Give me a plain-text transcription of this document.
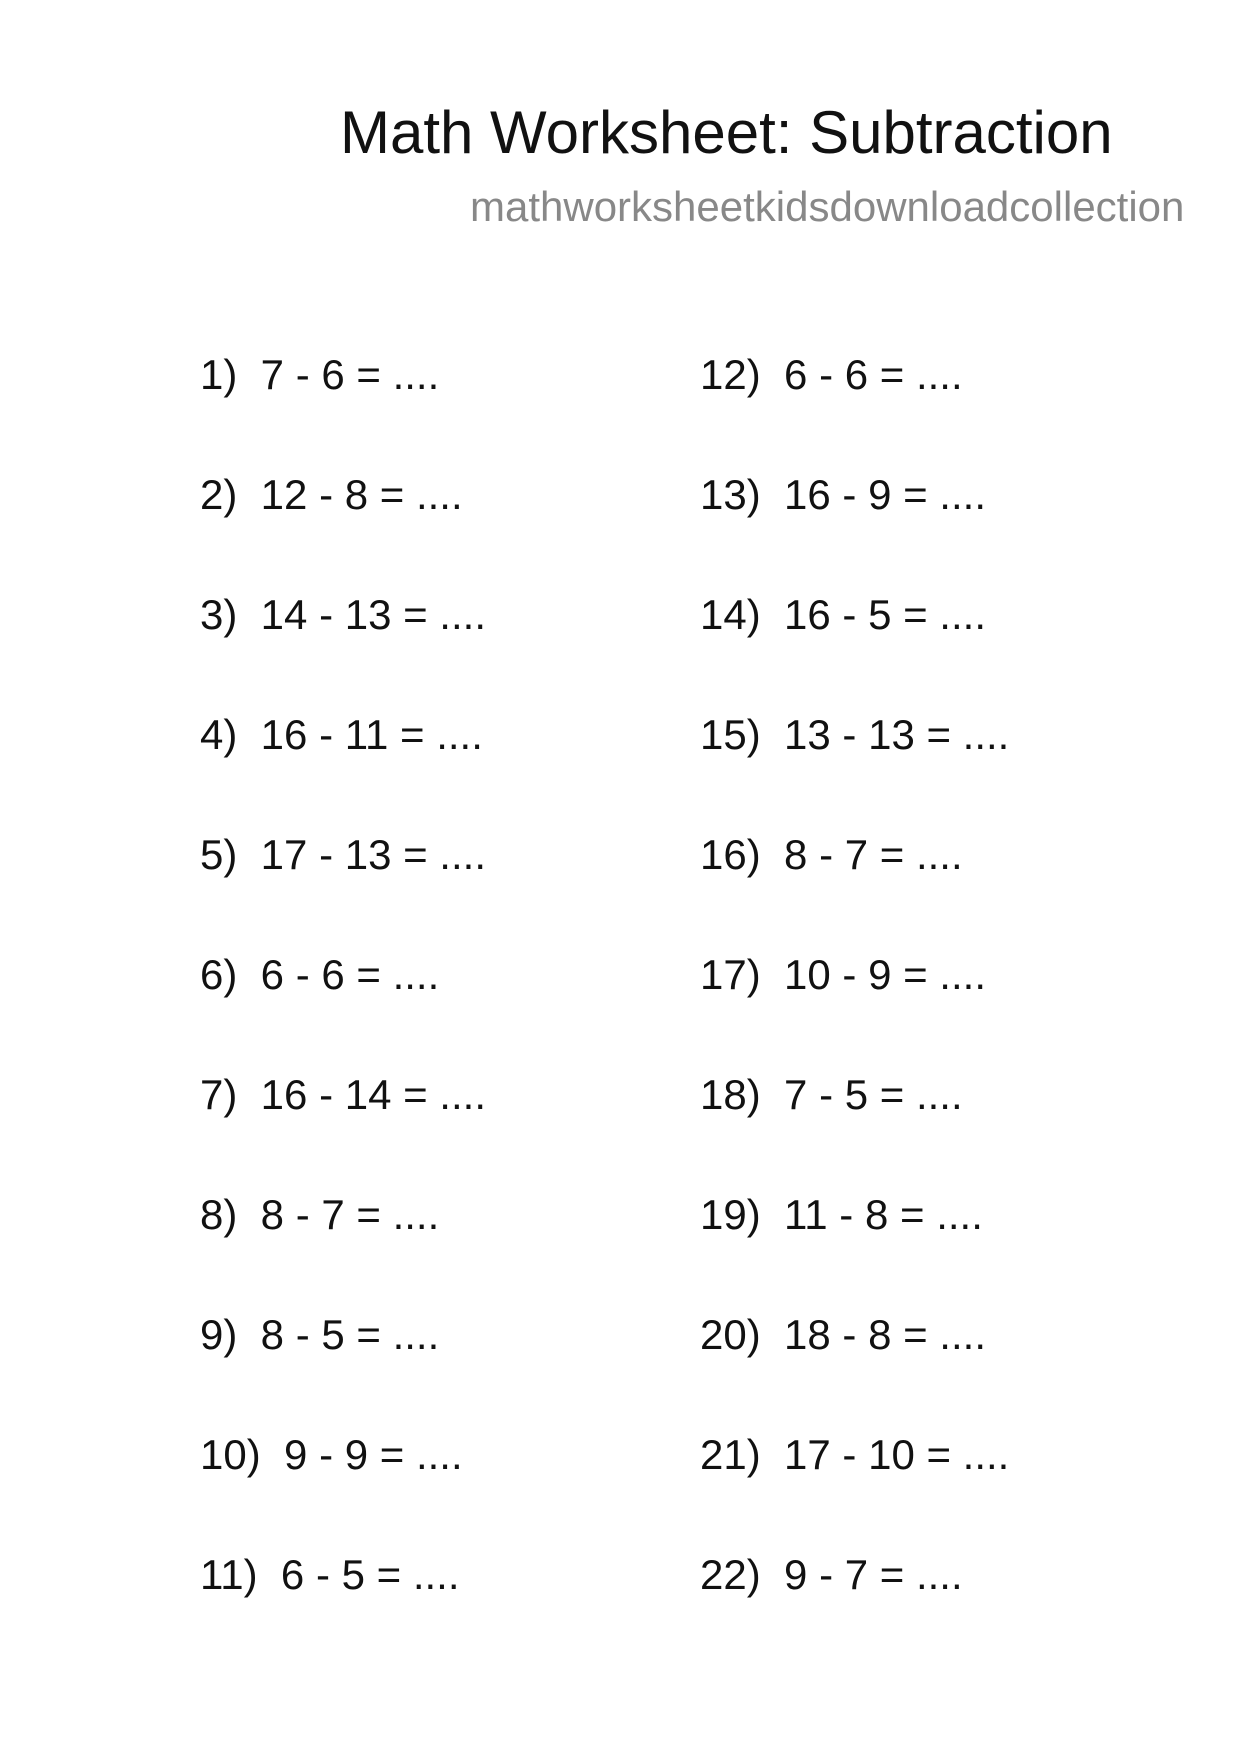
Math Worksheet: Subtraction
mathworksheetkidsdownloadcollection
1)  7 - 6 = ....
2)  12 - 8 = ....
3)  14 - 13 = ....
4)  16 - 11 = ....
5)  17 - 13 = ....
6)  6 - 6 = ....
7)  16 - 14 = ....
8)  8 - 7 = ....
9)  8 - 5 = ....
10)  9 - 9 = ....
11)  6 - 5 = ....
12)  6 - 6 = ....
13)  16 - 9 = ....
14)  16 - 5 = ....
15)  13 - 13 = ....
16)  8 - 7 = ....
17)  10 - 9 = ....
18)  7 - 5 = ....
19)  11 - 8 = ....
20)  18 - 8 = ....
21)  17 - 10 = ....
22)  9 - 7 = ....
